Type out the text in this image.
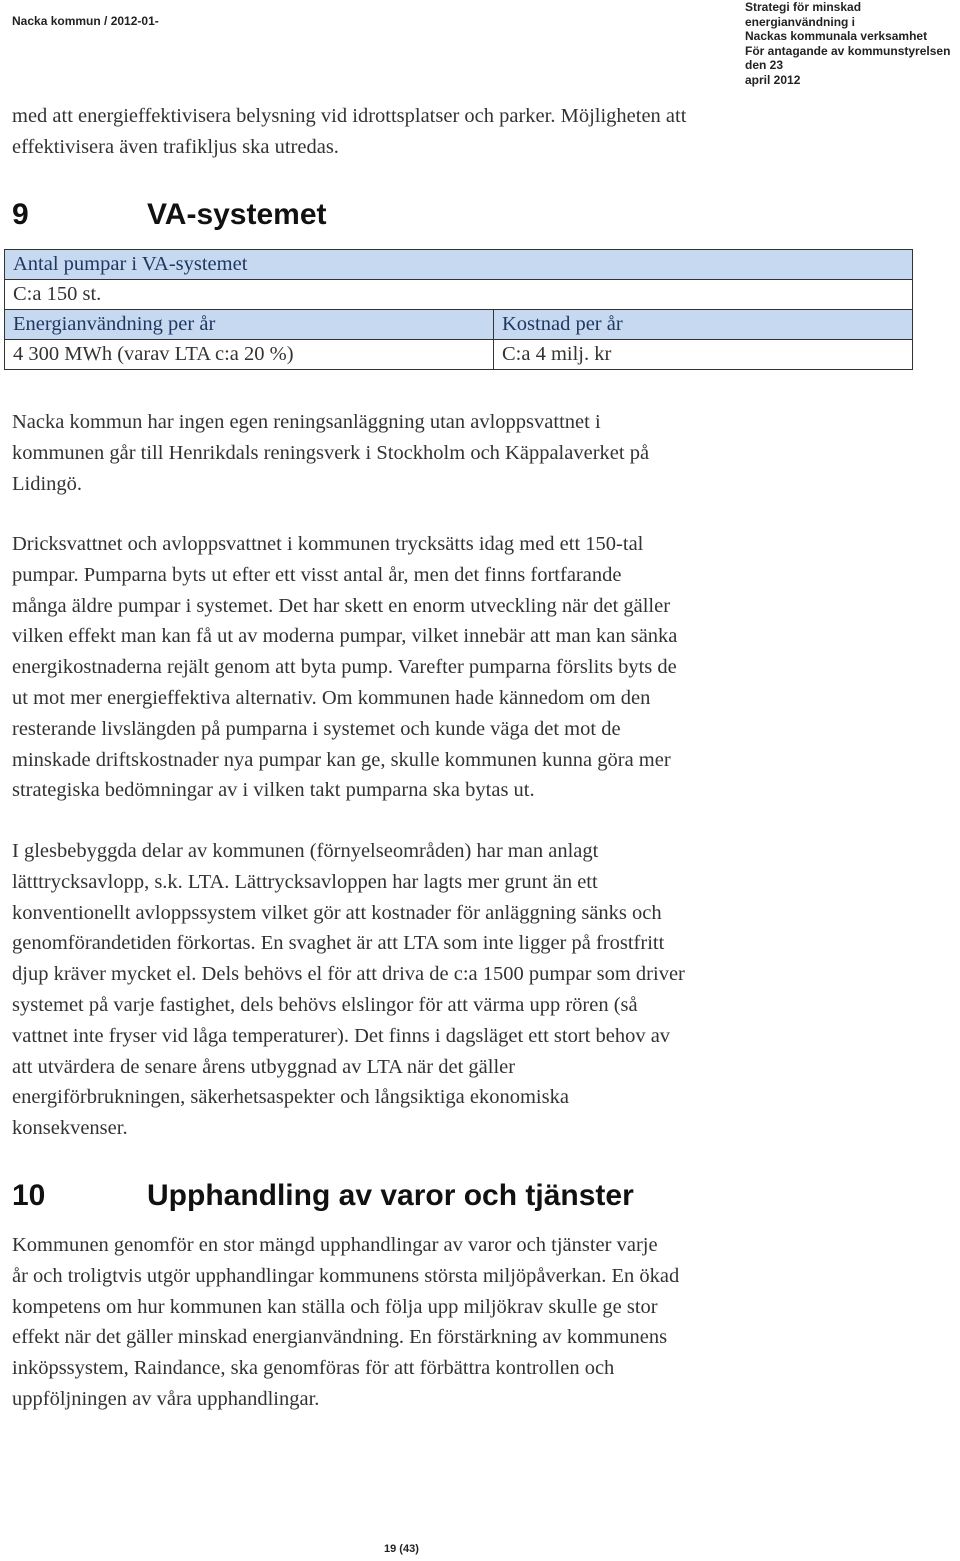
Nacka kommun / 2012-01-
Strategi för minskad energianvändning i
Nackas kommunala verksamhet
För antagande av kommunstyrelsen den 23
april 2012
med att energieffektivisera belysning vid idrottsplatser och parker. Möjligheten att
effektivisera även trafikljus ska utredas.
9	VA-systemet
Antal pumpar i VA-systemet	
C:a 150 st.	
Energianvändning per år	Kostnad per år
4 300 MWh (varav LTA c:a 20 %)	C:a 4 milj. kr
Nacka kommun har ingen egen reningsanläggning utan avloppsvattnet i
kommunen går till Henrikdals reningsverk i Stockholm och Käppalaverket på
Lidingö.
Dricksvattnet och avloppsvattnet i kommunen trycksätts idag med ett 150-tal
pumpar. Pumparna byts ut efter ett visst antal år, men det finns fortfarande
många äldre pumpar i systemet. Det har skett en enorm utveckling när det gäller
vilken effekt man kan få ut av moderna pumpar, vilket innebär att man kan sänka
energikostnaderna rejält genom att byta pump. Varefter pumparna förslits byts de
ut mot mer energieffektiva alternativ. Om kommunen hade kännedom om den
resterande livslängden på pumparna i systemet och kunde väga det mot de
minskade driftskostnader nya pumpar kan ge, skulle kommunen kunna göra mer
strategiska bedömningar av i vilken takt pumparna ska bytas ut.
I glesbebyggda delar av kommunen (förnyelseområden) har man anlagt
lätttrycksavlopp, s.k. LTA. Lättrycksavloppen har lagts mer grunt än ett
konventionellt avloppssystem vilket gör att kostnader för anläggning sänks och
genomförandetiden förkortas. En svaghet är att LTA som inte ligger på frostfritt
djup kräver mycket el. Dels behövs el för att driva de c:a 1500 pumpar som driver
systemet på varje fastighet, dels behövs elslingor för att värma upp rören (så
vattnet inte fryser vid låga temperaturer). Det finns i dagsläget ett stort behov av
att utvärdera de senare årens utbyggnad av LTA när det gäller
energiförbrukningen, säkerhetsaspekter och långsiktiga ekonomiska
konsekvenser.
10	Upphandling av varor och tjänster
Kommunen genomför en stor mängd upphandlingar av varor och tjänster varje
år och troligtvis utgör upphandlingar kommunens största miljöpåverkan. En ökad
kompetens om hur kommunen kan ställa och följa upp miljökrav skulle ge stor
effekt när det gäller minskad energianvändning. En förstärkning av kommunens
inköpssystem, Raindance, ska genomföras för att förbättra kontrollen och
uppföljningen av våra upphandlingar.
19 (43)
